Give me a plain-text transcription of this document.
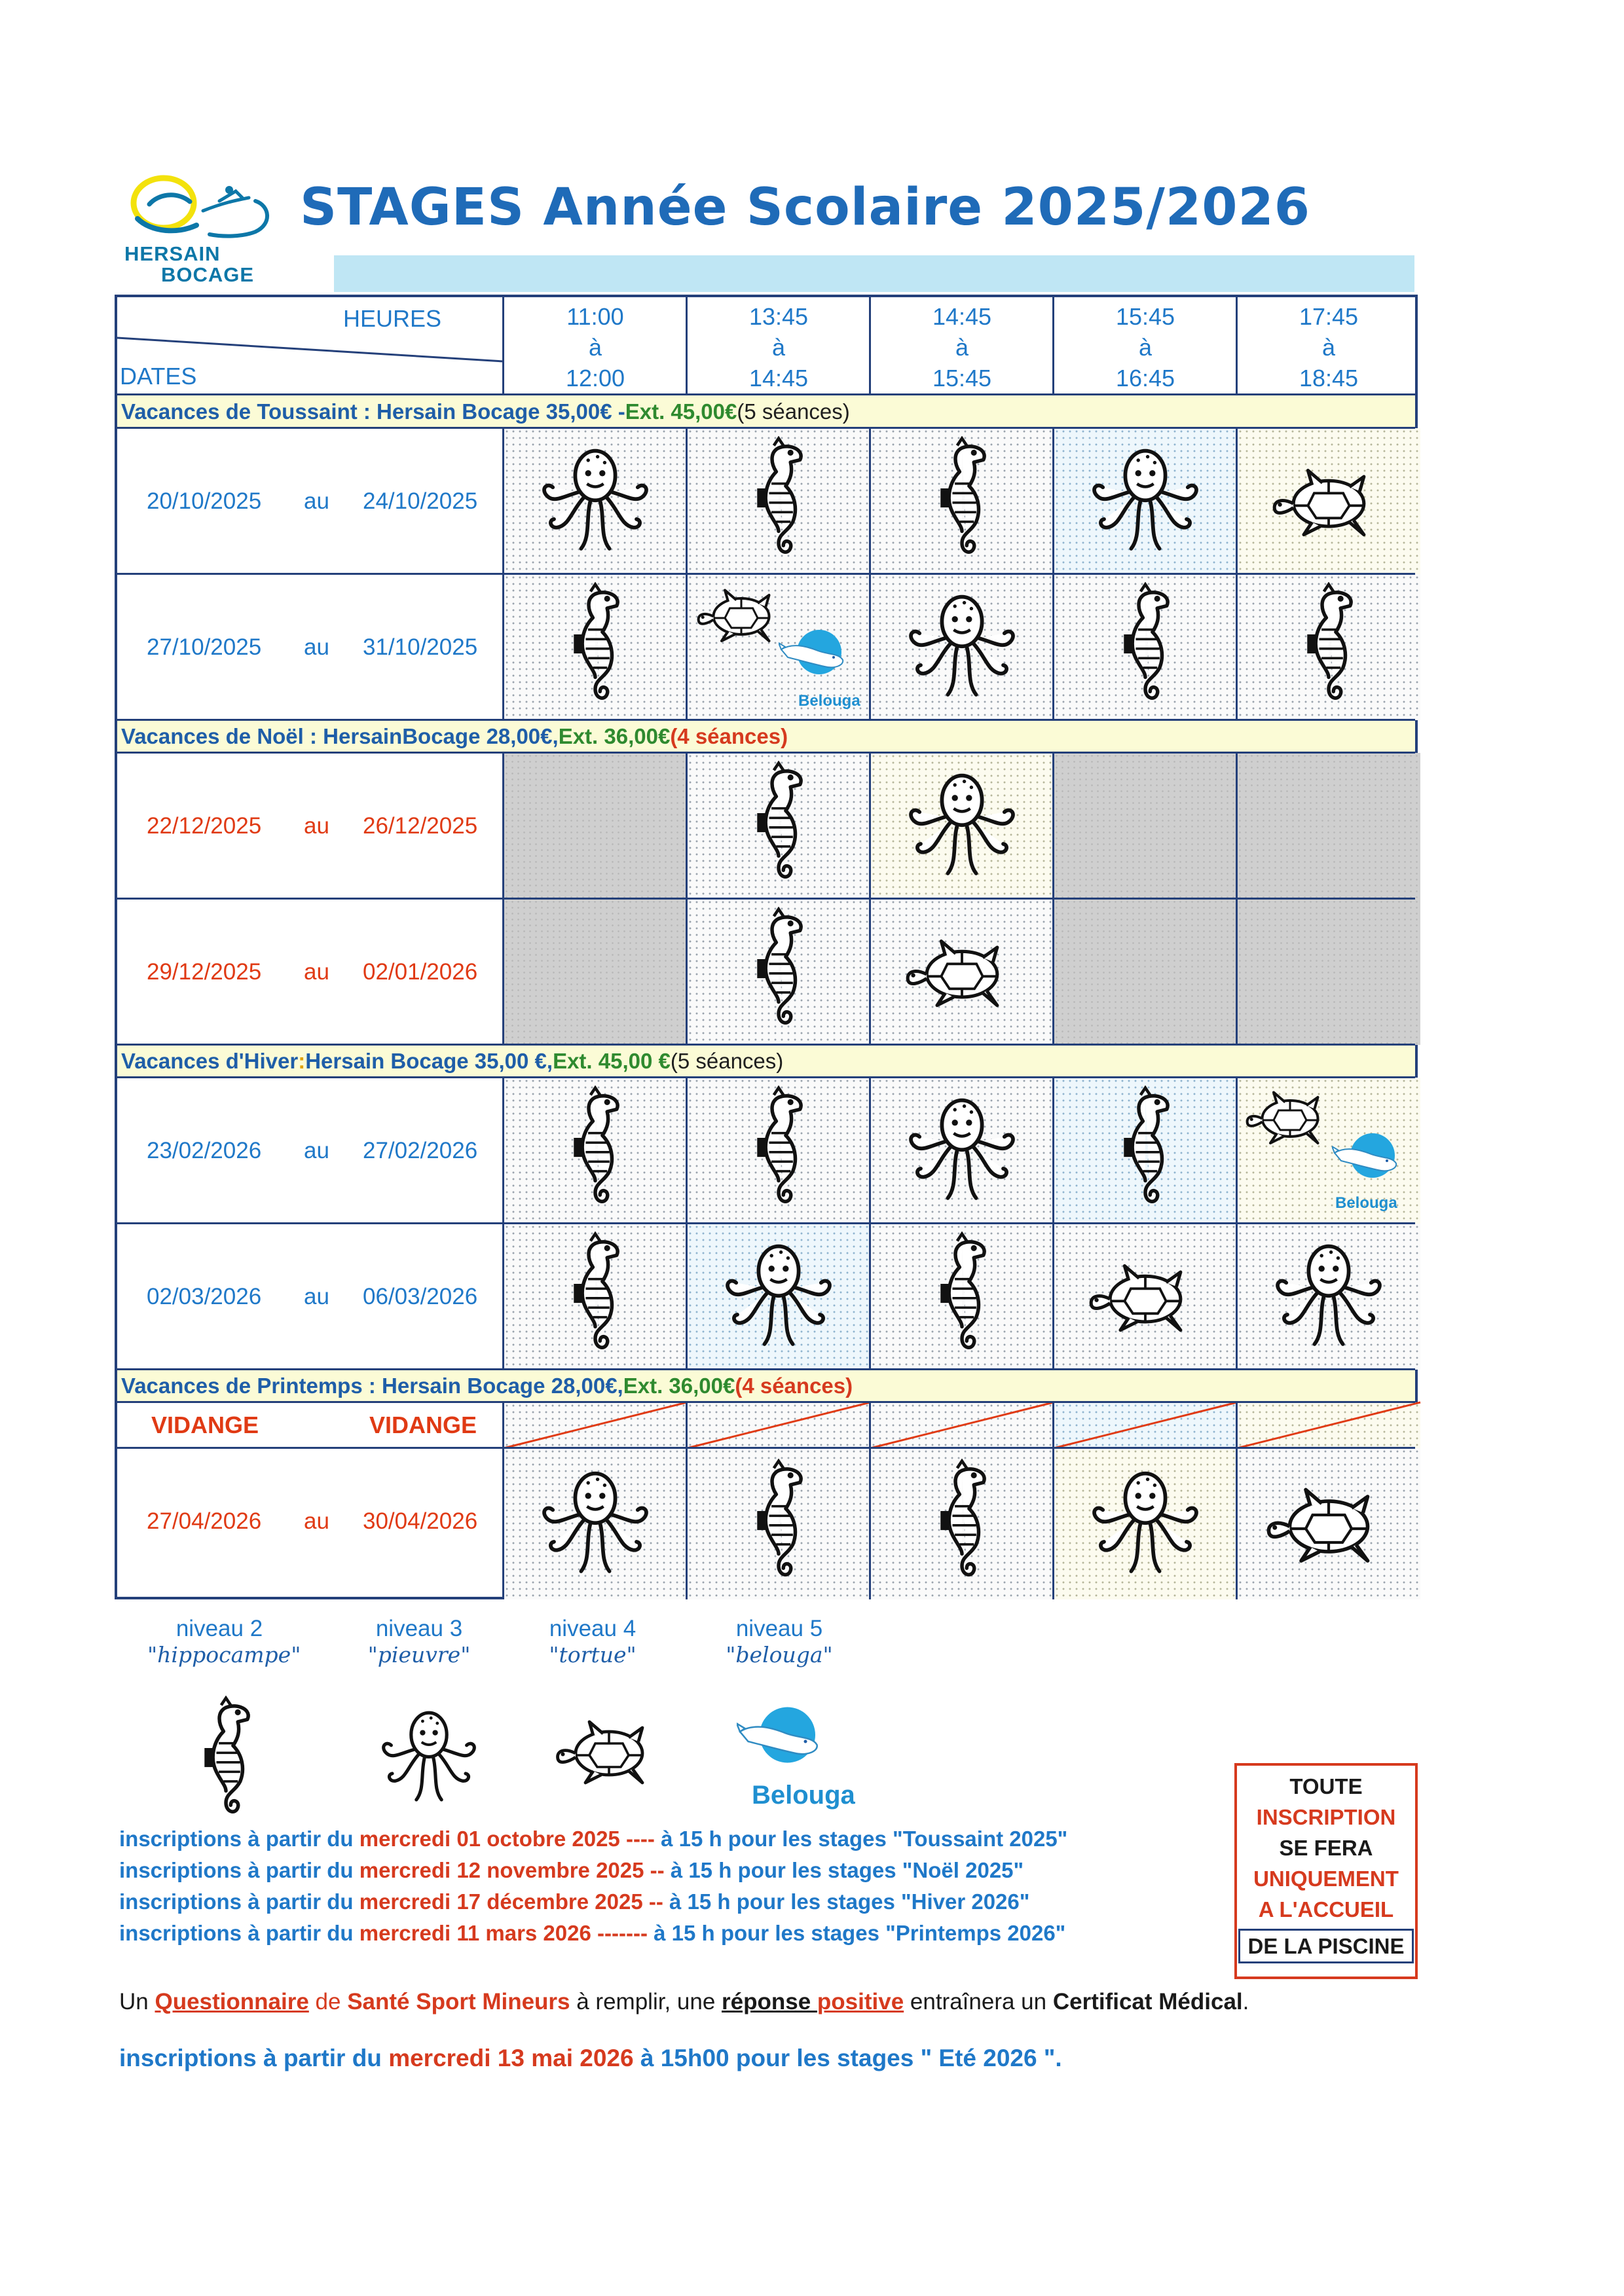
HERSAIN
BOCAGE
STAGES Année Scolaire 2025/2026
HEURES
DATES
11:00
à
12:00
13:45
à
14:45
14:45
à
15:45
15:45
à
16:45
17:45
à
18:45
Vacances de Toussaint : Hersain Bocage 35,00€ - Ext. 45,00€ (5 séances)
Vacances de Noël : HersainBocage 28,00€, Ext. 36,00€ (4 séances)
Vacances d'Hiver : Hersain Bocage 35,00 €, Ext. 45,00 € (5 séances)
Vacances de Printemps : Hersain Bocage 28,00€, Ext. 36,00€ (4 séances)
20/10/2025 au 24/10/2025
27/10/2025 au 31/10/2025
22/12/2025 au 26/12/2025
29/12/2025 au 02/01/2026
23/02/2026 au 27/02/2026
02/03/2026 au 06/03/2026
27/04/2026 au 30/04/2026
VIDANGE	VIDANGE
Belouga
Belouga
niveau 2
"hippocampe"
niveau 3
"pieuvre"
niveau 4
"tortue"
niveau 5
"belouga"
Belouga
inscriptions à partir du mercredi 01 octobre 2025 ---- à 15 h pour les stages "Toussaint 2025"
inscriptions à partir du mercredi 12 novembre 2025 -- à 15 h pour les stages "Noël 2025"
inscriptions à partir du mercredi 17 décembre 2025 -- à 15 h pour les stages "Hiver 2026"
inscriptions à partir du mercredi 11 mars 2026 ------- à 15 h pour les stages "Printemps 2026"
TOUTE
INSCRIPTION
SE FERA
UNIQUEMENT
A L'ACCUEIL
DE LA PISCINE
Un Questionnaire de Santé Sport Mineurs à remplir, une réponse positive entraînera un Certificat Médical.
inscriptions à partir du mercredi 13 mai 2026 à 15h00 pour les stages " Eté 2026 ".
